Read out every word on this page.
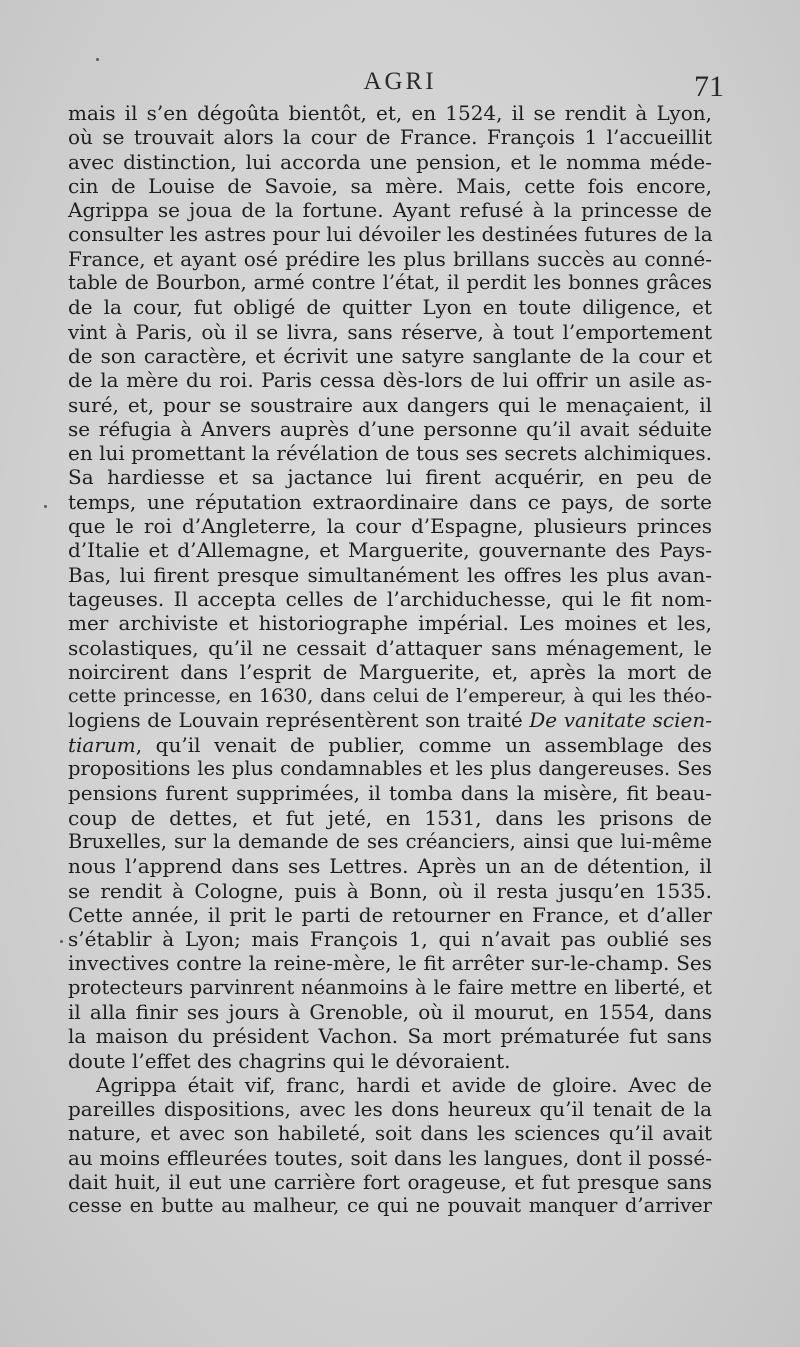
AGRI	71
mais il s’en dégoûta bientôt, et, en 1524, il se rendit à Lyon,
où se trouvait alors la cour de France. François 1 l’accueillit
avec distinction, lui accorda une pension, et le nomma méde-
cin de Louise de Savoie, sa mère. Mais, cette fois encore,
Agrippa se joua de la fortune. Ayant refusé à la princesse de
consulter les astres pour lui dévoiler les destinées futures de la
France, et ayant osé prédire les plus brillans succès au conné-
table de Bourbon, armé contre l’état, il perdit les bonnes grâces
de la cour, fut obligé de quitter Lyon en toute diligence, et
vint à Paris, où il se livra, sans réserve, à tout l’emportement
de son caractère, et écrivit une satyre sanglante de la cour et
de la mère du roi. Paris cessa dès-lors de lui offrir un asile as-
suré, et, pour se soustraire aux dangers qui le menaçaient, il
se réfugia à Anvers auprès d’une personne qu’il avait séduite
en lui promettant la révélation de tous ses secrets alchimiques.
Sa hardiesse et sa jactance lui firent acquérir, en peu de
temps, une réputation extraordinaire dans ce pays, de sorte
que le roi d’Angleterre, la cour d’Espagne, plusieurs princes
d’Italie et d’Allemagne, et Marguerite, gouvernante des Pays-
Bas, lui firent presque simultanément les offres les plus avan-
tageuses. Il accepta celles de l’archiduchesse, qui le fit nom-
mer archiviste et historiographe impérial. Les moines et les,
scolastiques, qu’il ne cessait d’attaquer sans ménagement, le
noircirent dans l’esprit de Marguerite, et, après la mort de
cette princesse, en 1630, dans celui de l’empereur, à qui les théo-
logiens de Louvain représentèrent son traité De vanitate scien-
tiarum, qu’il venait de publier, comme un assemblage des
propositions les plus condamnables et les plus dangereuses. Ses
pensions furent supprimées, il tomba dans la misère, fit beau-
coup de dettes, et fut jeté, en 1531, dans les prisons de
Bruxelles, sur la demande de ses créanciers, ainsi que lui-même
nous l’apprend dans ses Lettres. Après un an de détention, il
se rendit à Cologne, puis à Bonn, où il resta jusqu’en 1535.
Cette année, il prit le parti de retourner en France, et d’aller
s’établir à Lyon; mais François 1, qui n’avait pas oublié ses
invectives contre la reine-mère, le fit arrêter sur-le-champ. Ses
protecteurs parvinrent néanmoins à le faire mettre en liberté, et
il alla finir ses jours à Grenoble, où il mourut, en 1554, dans
la maison du président Vachon. Sa mort prématurée fut sans
doute l’effet des chagrins qui le dévoraient.
Agrippa était vif, franc, hardi et avide de gloire. Avec de
pareilles dispositions, avec les dons heureux qu’il tenait de la
nature, et avec son habileté, soit dans les sciences qu’il avait
au moins effleurées toutes, soit dans les langues, dont il possé-
dait huit, il eut une carrière fort orageuse, et fut presque sans
cesse en butte au malheur, ce qui ne pouvait manquer d’arriver
